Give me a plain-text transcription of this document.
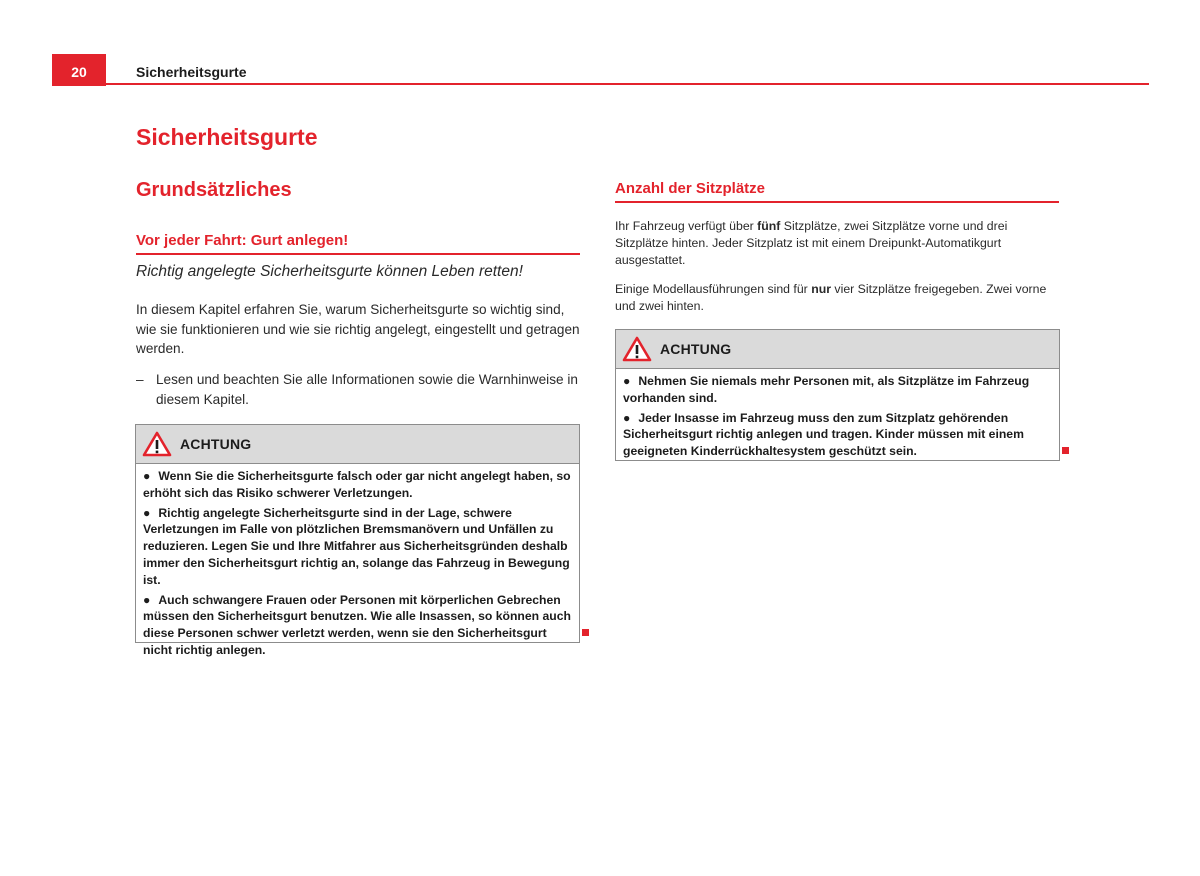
20	Sicherheitsgurte
Sicherheitsgurte
Grundsätzliches
Vor jeder Fahrt: Gurt anlegen!
Richtig angelegte Sicherheitsgurte können Leben retten!
In diesem Kapitel erfahren Sie, warum Sicherheitsgurte so wichtig sind, wie sie funktionieren und wie sie richtig angelegt, eingestellt und getragen werden.
– Lesen und beachten Sie alle Informationen sowie die Warnhinweise in diesem Kapitel.
ACHTUNG
● Wenn Sie die Sicherheitsgurte falsch oder gar nicht angelegt haben, so erhöht sich das Risiko schwerer Verletzungen.
● Richtig angelegte Sicherheitsgurte sind in der Lage, schwere Verletzungen im Falle von plötzlichen Bremsmanövern und Unfällen zu reduzieren. Legen Sie und Ihre Mitfahrer aus Sicherheitsgründen deshalb immer den Sicherheitsgurt richtig an, solange das Fahrzeug in Bewegung ist.
● Auch schwangere Frauen oder Personen mit körperlichen Gebrechen müssen den Sicherheitsgurt benutzen. Wie alle Insassen, so können auch diese Personen schwer verletzt werden, wenn sie den Sicherheitsgurt nicht richtig anlegen.
Anzahl der Sitzplätze
Ihr Fahrzeug verfügt über fünf Sitzplätze, zwei Sitzplätze vorne und drei Sitzplätze hinten. Jeder Sitzplatz ist mit einem Dreipunkt-Automatikgurt ausgestattet.
Einige Modellausführungen sind für nur vier Sitzplätze freigegeben. Zwei vorne und zwei hinten.
ACHTUNG
● Nehmen Sie niemals mehr Personen mit, als Sitzplätze im Fahrzeug vorhanden sind.
● Jeder Insasse im Fahrzeug muss den zum Sitzplatz gehörenden Sicherheitsgurt richtig anlegen und tragen. Kinder müssen mit einem geeigneten Kinderrückhaltesystem geschützt sein.
